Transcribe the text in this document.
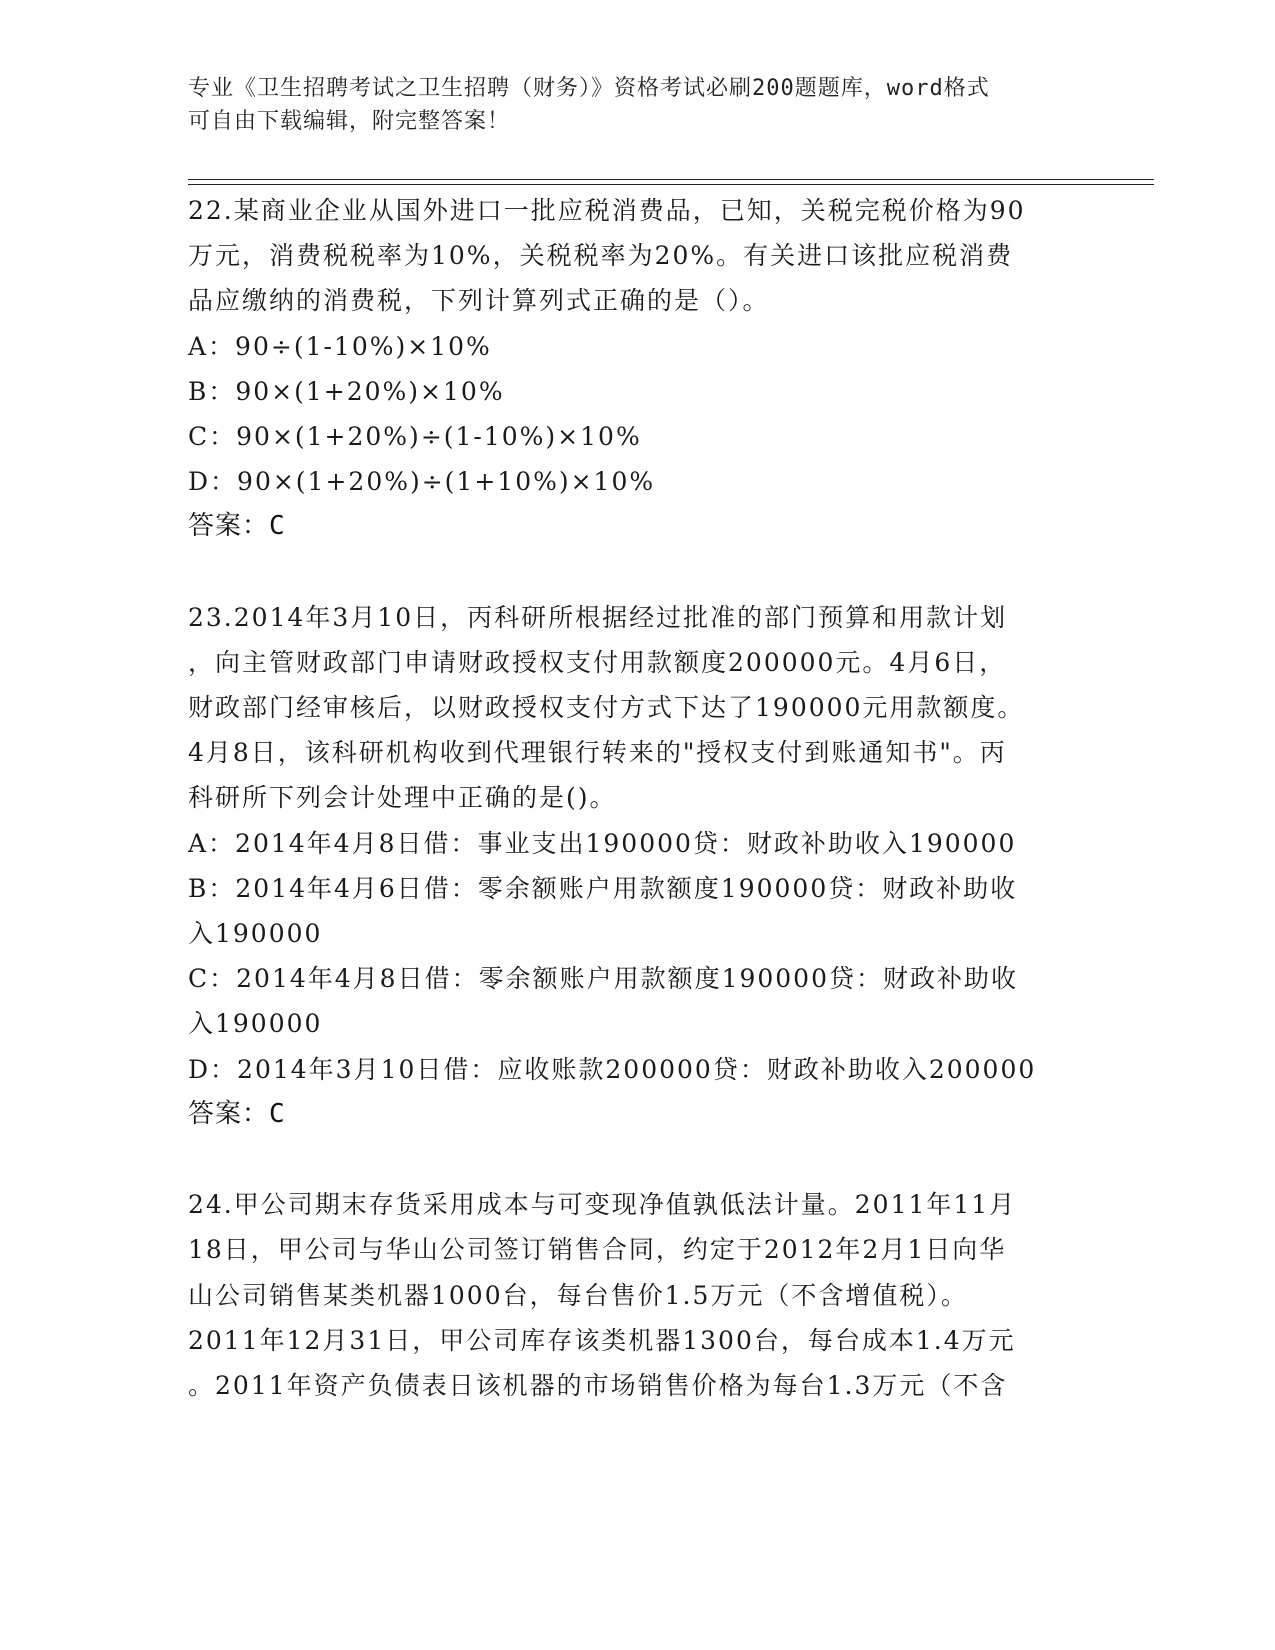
专业《卫生招聘考试之卫生招聘（财务）》资格考试必刷200题题库，word格式
可自由下载编辑，附完整答案！
22.某商业企业从国外进口一批应税消费品，已知，关税完税价格为90
万元，消费税税率为10%，关税税率为20%。有关进口该批应税消费
品应缴纳的消费税，下列计算列式正确的是（）。
A：90÷(1-10%)×10%
B：90×(1+20%)×10%
C：90×(1+20%)÷(1-10%)×10%
D：90×(1+20%)÷(1+10%)×10%
答案：C
23.2014年3月10日，丙科研所根据经过批准的部门预算和用款计划
，向主管财政部门申请财政授权支付用款额度200000元。4月6日，
财政部门经审核后，以财政授权支付方式下达了190000元用款额度。
4月8日，该科研机构收到代理银行转来的"授权支付到账通知书"。丙
科研所下列会计处理中正确的是()。
A：2014年4月8日借：事业支出190000贷：财政补助收入190000
B：2014年4月6日借：零余额账户用款额度190000贷：财政补助收
入190000
C：2014年4月8日借：零余额账户用款额度190000贷：财政补助收
入190000
D：2014年3月10日借：应收账款200000贷：财政补助收入200000
答案：C
24.甲公司期末存货采用成本与可变现净值孰低法计量。2011年11月
18日，甲公司与华山公司签订销售合同，约定于2012年2月1日向华
山公司销售某类机器1000台，每台售价1.5万元（不含增值税）。
2011年12月31日，甲公司库存该类机器1300台，每台成本1.4万元
。2011年资产负债表日该机器的市场销售价格为每台1.3万元（不含
